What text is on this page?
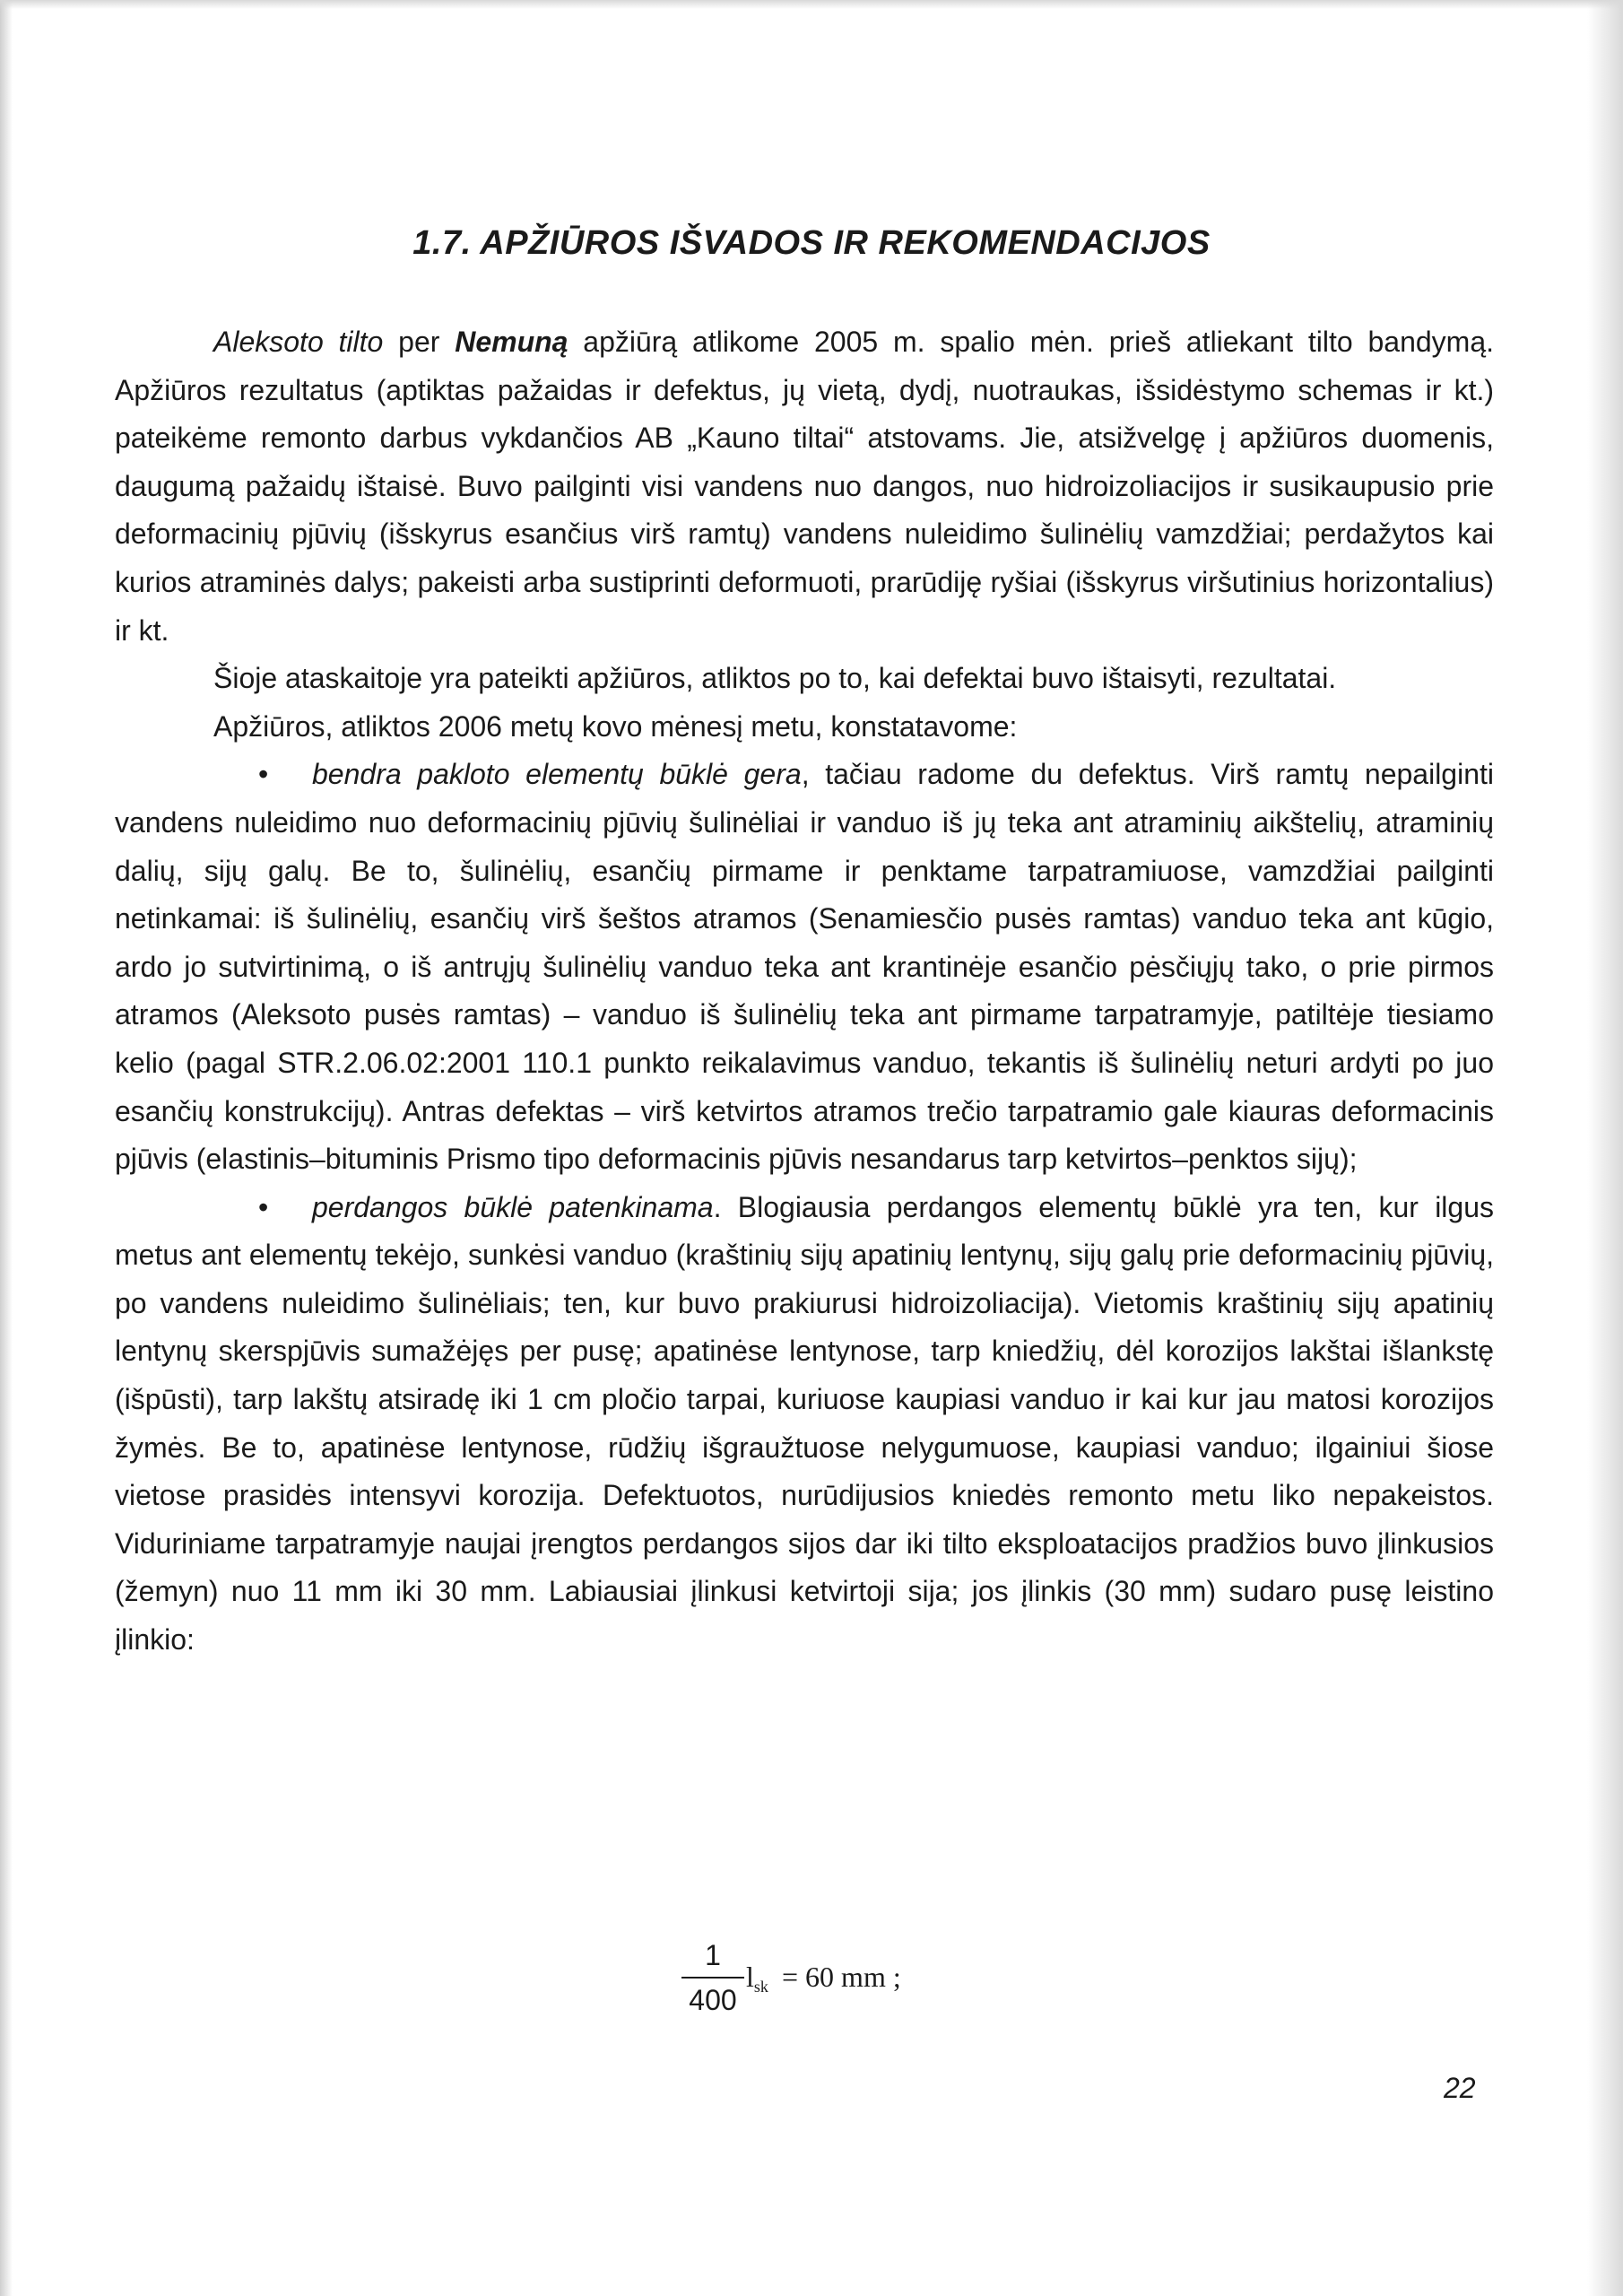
1.7. APŽIŪROS IŠVADOS IR REKOMENDACIJOS

Aleksoto tilto per Nemuną apžiūrą atlikome 2005 m. spalio mėn. prieš atliekant tilto bandymą. Apžiūros rezultatus (aptiktas pažaidas ir defektus, jų vietą, dydį, nuotraukas, išsidėstymo schemas ir kt.) pateikėme remonto darbus vykdančios AB „Kauno tiltai“ atstovams. Jie, atsižvelgę į apžiūros duomenis, daugumą pažaidų ištaisė. Buvo pailginti visi vandens nuo dangos, nuo hidroizoliacijos ir susikaupusio prie deformacinių pjūvių (išskyrus esančius virš ramtų) vandens nuleidimo šulinėlių vamzdžiai; perdažytos kai kurios atraminės dalys; pakeisti arba sustiprinti deformuoti, prarūdiję ryšiai (išskyrus viršutinius horizontalius) ir kt.

Šioje ataskaitoje yra pateikti apžiūros, atliktos po to, kai defektai buvo ištaisyti, rezultatai.

Apžiūros, atliktos 2006 metų kovo mėnesį metu, konstatavome:

• bendra pakloto elementų būklė gera, tačiau radome du defektus. Virš ramtų nepailginti vandens nuleidimo nuo deformacinių pjūvių šulinėliai ir vanduo iš jų teka ant atraminių aikštelių, atraminių dalių, sijų galų. Be to, šulinėlių, esančių pirmame ir penktame tarpatramiuose, vamzdžiai pailginti netinkamai: iš šulinėlių, esančių virš šeštos atramos (Senamiesčio pusės ramtas) vanduo teka ant kūgio, ardo jo sutvirtinimą, o iš antrųjų šulinėlių vanduo teka ant krantinėje esančio pėsčiųjų tako, o prie pirmos atramos (Aleksoto pusės ramtas) – vanduo iš šulinėlių teka ant pirmame tarpatramyje, patiltėje tiesiamo kelio (pagal STR.2.06.02:2001 110.1 punkto reikalavimus vanduo, tekantis iš šulinėlių neturi ardyti po juo esančių konstrukcijų). Antras defektas – virš ketvirtos atramos trečio tarpatramio gale kiauras deformacinis pjūvis (elastinis–bituminis Prismo tipo deformacinis pjūvis nesandarus tarp ketvirtos–penktos sijų);

• perdangos būklė patenkinama. Blogiausia perdangos elementų būklė yra ten, kur ilgus metus ant elementų tekėjo, sunkėsi vanduo (kraštinių sijų apatinių lentynų, sijų galų prie deformacinių pjūvių, po vandens nuleidimo šulinėliais; ten, kur buvo prakiurusi hidroizoliacija). Vietomis kraštinių sijų apatinių lentynų skerspjūvis sumažėjęs per pusę; apatinėse lentynose, tarp kniedžių, dėl korozijos lakštai išlankstę (išpūsti), tarp lakštų atsiradę iki 1 cm pločio tarpai, kuriuose kaupiasi vanduo ir kai kur jau matosi korozijos žymės. Be to, apatinėse lentynose, rūdžių išgraužtuose nelygumuose, kaupiasi vanduo; ilgainiui šiose vietose prasidės intensyvi korozija. Defektuotos, nurūdijusios kniedės remonto metu liko nepakeistos. Viduriniame tarpatramyje naujai įrengtos perdangos sijos dar iki tilto eksploatacijos pradžios buvo įlinkusios (žemyn) nuo 11 mm iki 30 mm. Labiausiai įlinkusi ketvirtoji sija; jos įlinkis (30 mm) sudaro pusę leistino įlinkio:

1
400
$l_{sk} = 60$ mm ;
22
